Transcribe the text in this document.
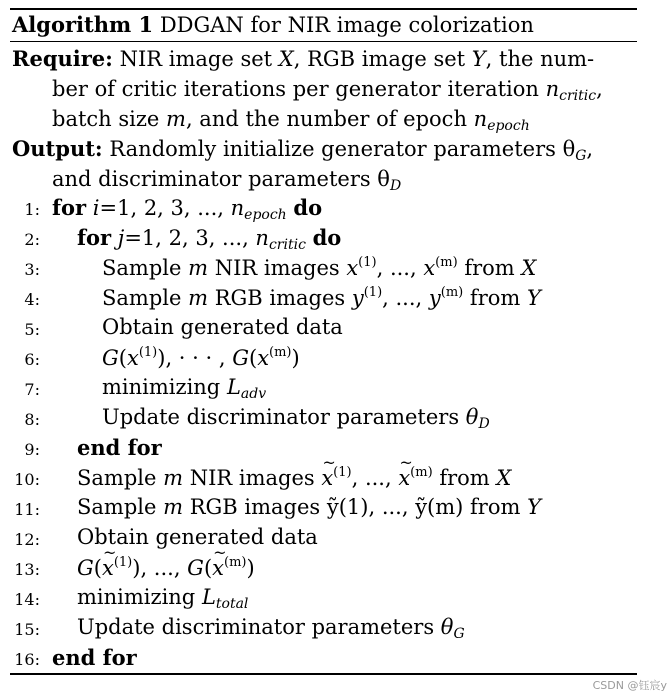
Algorithm 1 DDGAN for NIR image colorization
Require: NIR image set X, RGB image set Y, the num-
ber of critic iterations per generator iteration $n_{critic}$,
batch size m, and the number of epoch $n_{epoch}$
Output: Randomly initialize generator parameters $\theta_G$,
and discriminator parameters $\theta_D$
1: for i=1, 2, 3, ..., $n_{epoch}$ do
2: for j=1, 2, 3, ..., $n_{critic}$ do
3:	Sample m NIR images $x^{(1)}$, ..., $x^{(m)}$ from X
4:	Sample m RGB images $y^{(1)}$, ..., $y^{(m)}$ from Y
5:	Obtain generated data
6:	$G(x^{(1)})$, · · · , $G(x^{(m)})$
7:	minimizing $L_{adv}$
8:	Update discriminator parameters $\theta_D$
9: end for
10: Sample m NIR images ~ $x^{(1)}$, ..., ~ $x^{(m)}$ from X
11: Sample m RGB images ỹ(1), ..., ỹ(m) from Y
12: Obtain generated data
13: G(~ $x^{(1)}$), ..., G(~ $x^{(m)}$)
14: minimizing $L_{total}$
15: Update discriminator parameters $\theta_G$
16: end for
CSDN @钰宸y
